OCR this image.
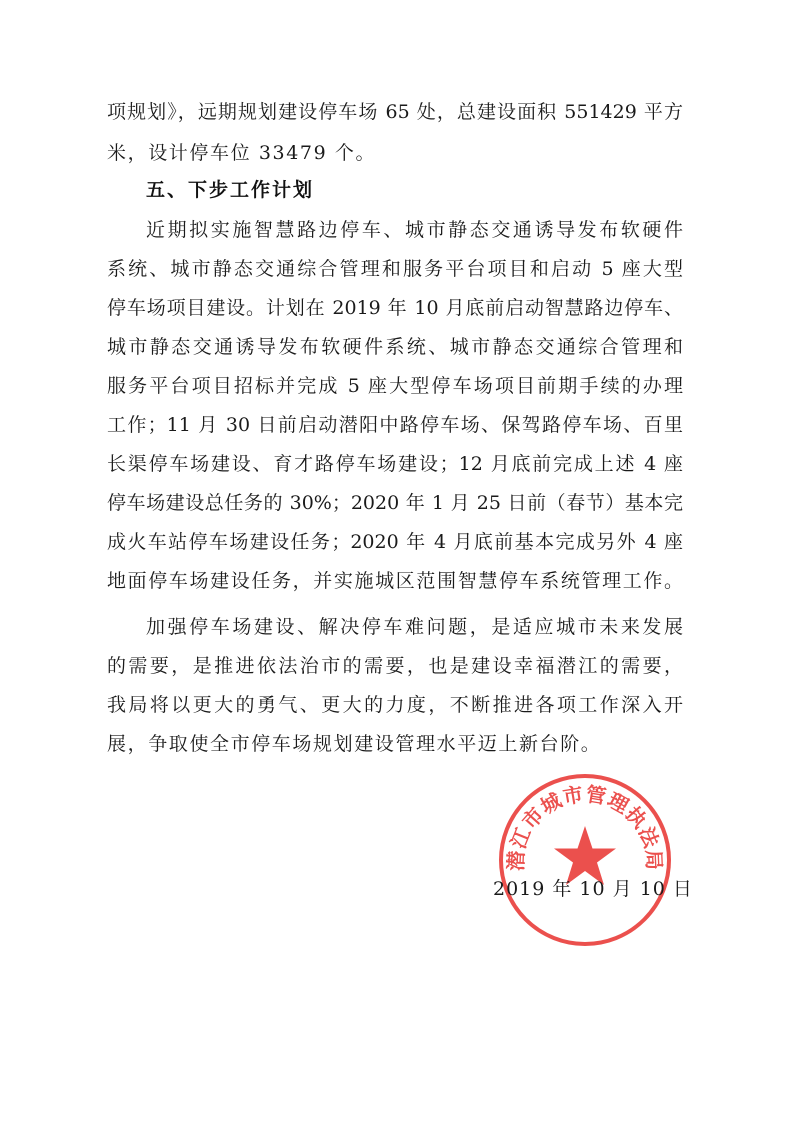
项规划》，远期规划建设停车场 65 处，总建设面积 551429 平方
米，设计停车位 33479 个。
五、下步工作计划
近期拟实施智慧路边停车、城市静态交通诱导发布软硬件
系统、城市静态交通综合管理和服务平台项目和启动 5 座大型
停车场项目建设。计划在 2019 年 10 月底前启动智慧路边停车、
城市静态交通诱导发布软硬件系统、城市静态交通综合管理和
服务平台项目招标并完成 5 座大型停车场项目前期手续的办理
工作；11 月 30 日前启动潜阳中路停车场、保驾路停车场、百里
长渠停车场建设、育才路停车场建设；12 月底前完成上述 4 座
停车场建设总任务的 30%；2020 年 1 月 25 日前（春节）基本完
成火车站停车场建设任务；2020 年 4 月底前基本完成另外 4 座
地面停车场建设任务，并实施城区范围智慧停车系统管理工作。
加强停车场建设、解决停车难问题，是适应城市未来发展
的需要，是推进依法治市的需要，也是建设幸福潜江的需要，
我局将以更大的勇气、更大的力度，不断推进各项工作深入开
展，争取使全市停车场规划建设管理水平迈上新台阶。
潜江市城市管理执法局
2019 年 10 月 10 日
